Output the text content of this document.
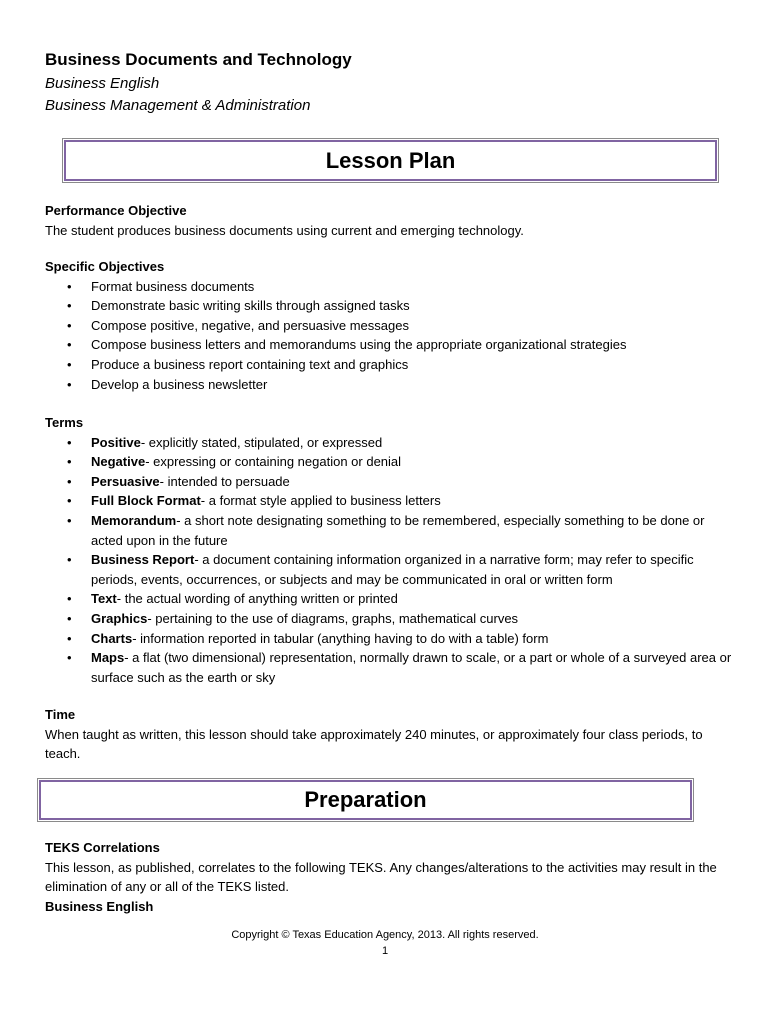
Business Documents and Technology
Business English
Business Management & Administration
Lesson Plan
Performance Objective
The student produces business documents using current and emerging technology.
Specific Objectives
• Format business documents
• Demonstrate basic writing skills through assigned tasks
• Compose positive, negative, and persuasive messages
• Compose business letters and memorandums using the appropriate organizational strategies
• Produce a business report containing text and graphics
• Develop a business newsletter
Terms
• Positive- explicitly stated, stipulated, or expressed
• Negative- expressing or containing negation or denial
• Persuasive- intended to persuade
• Full Block Format- a format style applied to business letters
• Memorandum- a short note designating something to be remembered, especially something to be done or acted upon in the future
• Business Report- a document containing information organized in a narrative form; may refer to specific periods, events, occurrences, or subjects and may be communicated in oral or written form
• Text- the actual wording of anything written or printed
• Graphics- pertaining to the use of diagrams, graphs, mathematical curves
• Charts- information reported in tabular (anything having to do with a table) form
• Maps- a flat (two dimensional) representation, normally drawn to scale, or a part or whole of a surveyed area or surface such as the earth or sky
Time
When taught as written, this lesson should take approximately 240 minutes, or approximately four class periods, to teach.
Preparation
TEKS Correlations
This lesson, as published, correlates to the following TEKS. Any changes/alterations to the activities may result in the elimination of any or all of the TEKS listed.
Business English
Copyright © Texas Education Agency, 2013. All rights reserved.
1
